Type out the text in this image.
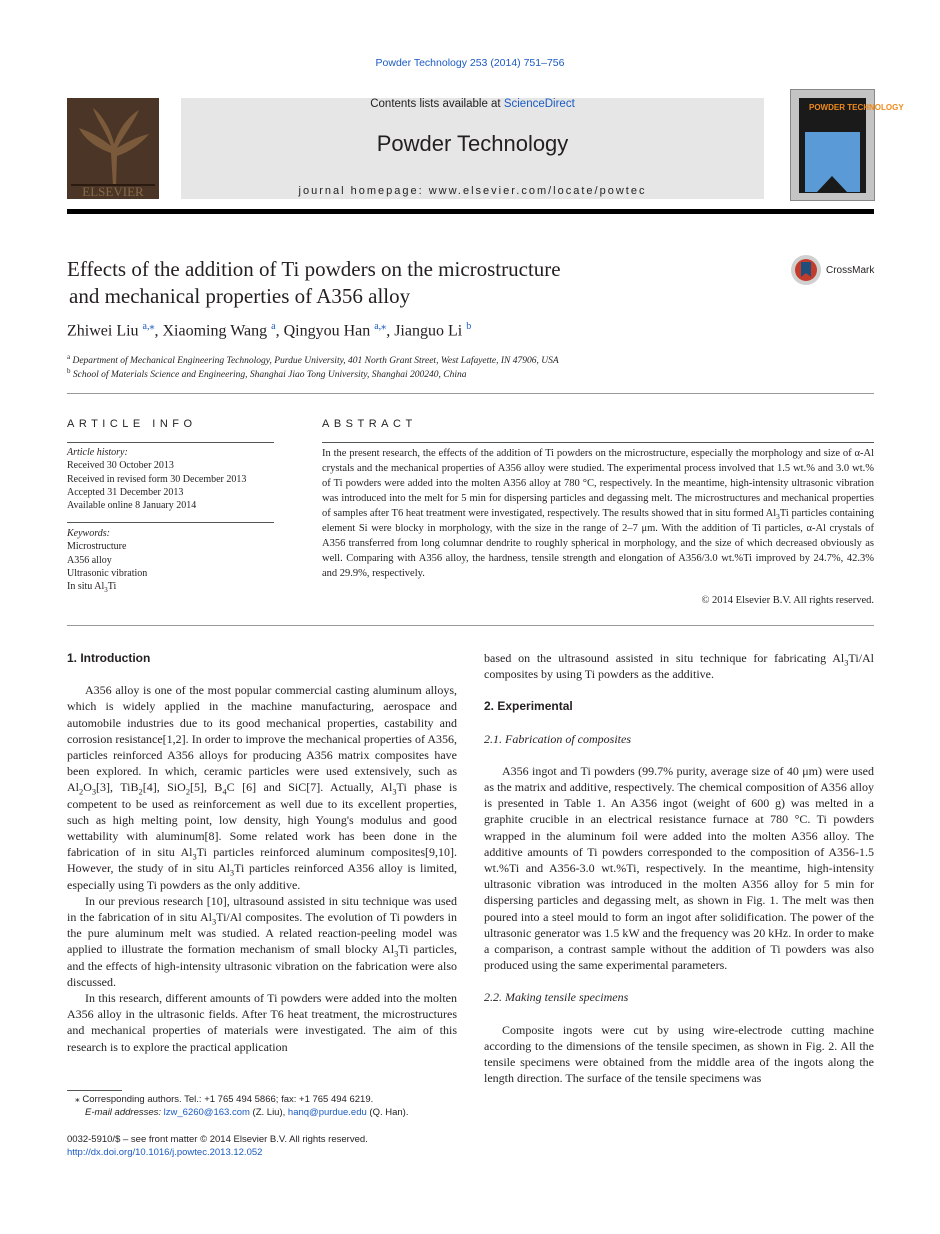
Powder Technology 253 (2014) 751–756
ELSEVIER
Contents lists available at ScienceDirect
Powder Technology
journal homepage: www.elsevier.com/locate/powtec
POWDER TECHNOLOGY
Effects of the addition of Ti powders on the microstructure
and mechanical properties of A356 alloy
CrossMark
Zhiwei Liu $^{a,⁎}$, Xiaoming Wang $^a$, Qingyou Han $^{a,⁎}$, Jianguo Li $^b$
$^a$ Department of Mechanical Engineering Technology, Purdue University, 401 North Grant Street, West Lafayette, IN 47906, USA
$^b$ School of Materials Science and Engineering, Shanghai Jiao Tong University, Shanghai 200240, China
ARTICLE INFO
Article history:
Received 30 October 2013
Received in revised form 30 December 2013
Accepted 31 December 2013
Available online 8 January 2014
Keywords:
Microstructure
A356 alloy
Ultrasonic vibration
In situ $Al_3Ti$
ABSTRACT
In the present research, the effects of the addition of Ti powders on the microstructure, especially the morphology and size of α-Al crystals and the mechanical properties of A356 alloy were studied. The experimental process involved that 1.5 wt.% and 3.0 wt.% of Ti powders were added into the molten A356 alloy at 780 °C, respectively. In the meantime, high-intensity ultrasonic vibration was introduced into the melt for 5 min for dispersing particles and degassing melt. The microstructures and mechanical properties of samples after T6 heat treatment were investigated, respectively. The results showed that in situ formed $Al_3Ti$ particles containing element Si were blocky in morphology, with the size in the range of 2–7 μm. With the addition of Ti particles, α-Al crystals of A356 transferred from long columnar dendrite to roughly spherical in morphology, and the size of which decreased obviously as well. Comparing with A356 alloy, the hardness, tensile strength and elongation of A356/3.0 wt.%Ti improved by 24.7%, 42.3% and 29.9%, respectively.
© 2014 Elsevier B.V. All rights reserved.
1. Introduction

A356 alloy is one of the most popular commercial casting aluminum alloys, which is widely applied in the machine manufacturing, aerospace and automobile industries due to its good mechanical properties, castability and corrosion resistance[1,2]. In order to improve the mechanical properties of A356, particles reinforced A356 alloys for producing A356 matrix composites have been explored. In which, ceramic particles were used extensively, such as $Al_2O_3[3]$, TiB$_2$[4], SiO$_2$[5], $B_4C$ [6] and SiC[7]. Actually, $Al_3Ti$ phase is competent to be used as reinforcement as well due to its excellent properties, such as high melting point, low density, high Young's modulus and good wettability with aluminum[8]. Some related work has been done in the fabrication of in situ $Al_3Ti$ particles reinforced aluminum composites[9,10]. However, the study of in situ $Al_3Ti$ particles reinforced A356 alloy is limited, especially using Ti powders as the only additive.

In our previous research [10], ultrasound assisted in situ technique was used in the fabrication of in situ $Al_3Ti/Al$ composites. The evolution of Ti powders in the pure aluminum melt was studied. A related reaction-peeling model was applied to illustrate the formation mechanism of small blocky $Al_3Ti$ particles, and the effects of high-intensity ultrasonic vibration on the fabrication were also discussed.

In this research, different amounts of Ti powders were added into the molten A356 alloy in the ultrasonic fields. After T6 heat treatment, the microstructures and mechanical properties of materials were investigated. The aim of this research is to explore the practical application

based on the ultrasound assisted in situ technique for fabricating $Al_3Ti/Al$ composites by using Ti powders as the additive.

2. Experimental
2.1. Fabrication of composites

A356 ingot and Ti powders (99.7% purity, average size of 40 μm) were used as the matrix and additive, respectively. The chemical composition of A356 alloy is presented in Table 1. An A356 ingot (weight of 600 g) was melted in a graphite crucible in an electrical resistance furnace at 780 °C. Ti powders wrapped in the aluminum foil were added into the molten A356 alloy. The additive amounts of Ti powders corresponded to the composition of A356-1.5 wt.%Ti and A356-3.0 wt.%Ti, respectively. In the meantime, high-intensity ultrasonic vibration was introduced in the molten A356 alloy for 5 min for dispersing particles and degassing melt, as shown in Fig. 1. The melt was then poured into a steel mould to form an ingot after solidification. The power of the ultrasonic generator was 1.5 kW and the frequency was 20 kHz. In order to make a comparison, a contrast sample without the addition of Ti powders was also produced using the same experimental parameters.

2.2. Making tensile specimens

Composite ingots were cut by using wire-electrode cutting machine according to the dimensions of the tensile specimen, as shown in Fig. 2. All the tensile specimens were obtained from the middle area of the ingots along the length direction. The surface of the tensile specimens was

⁎ Corresponding authors. Tel.: +1 765 494 5866; fax: +1 765 494 6219.
E-mail addresses: lzw_6260@163.com (Z. Liu), hanq@purdue.edu (Q. Han).
0032-5910/$ – see front matter © 2014 Elsevier B.V. All rights reserved.
http://dx.doi.org/10.1016/j.powtec.2013.12.052
